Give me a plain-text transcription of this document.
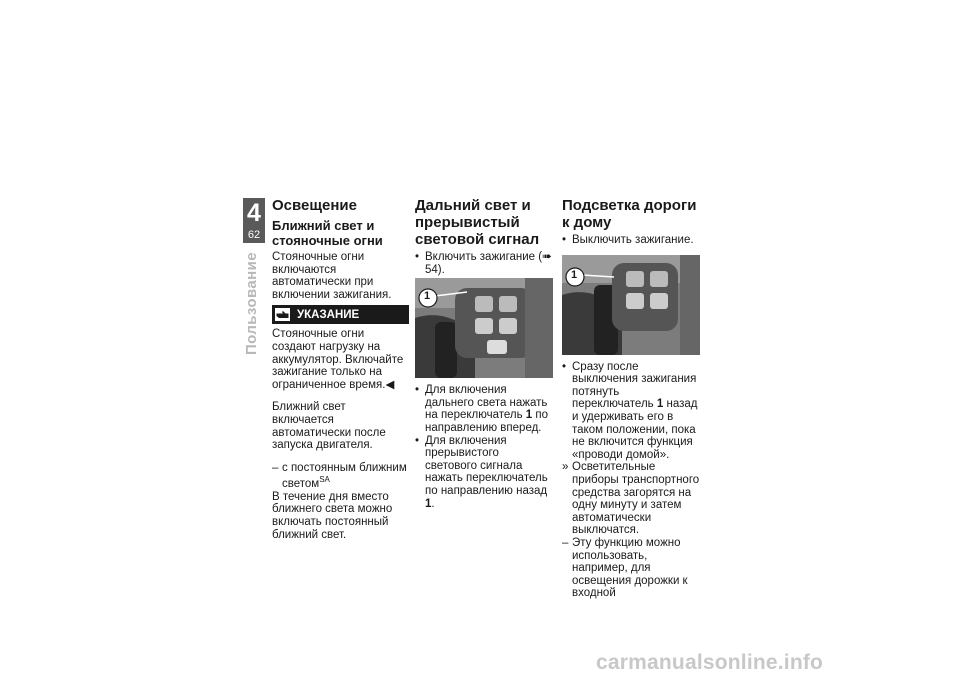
4
62
Пользование
Освещение
Ближний свет и стояночные огни

Стояночные огни включаются автоматически при включении зажигания.

УКАЗАНИЕ

Стояночные огни создают нагрузку на аккумулятор. Включайте зажигание только на ограниченное время.◀

Ближний свет включается автоматически после запуска двигателя.

– с постоянным ближним светом$^{SA}$

В течение дня вместо ближнего света можно включать постоянный ближний свет.

Дальний свет и прерывистый световой сигнал
• Включить зажигание (➠ 54).
1
• Для включения дальнего света нажать на переключатель 1 по направлению вперед.
• Для включения прерывистого светового сигнала нажать переключатель по направлению назад 1.
Подсветка дороги к дому
• Выключить зажигание.
1
• Сразу после выключения зажигания потянуть переключатель 1 назад и удерживать его в таком положении, пока не включится функция «проводи домой».
» Осветительные приборы транспортного средства загорятся на одну минуту и затем автоматически выключатся.
– Эту функцию можно использовать, например, для освещения дорожки к входной
carmanualsonline.info
